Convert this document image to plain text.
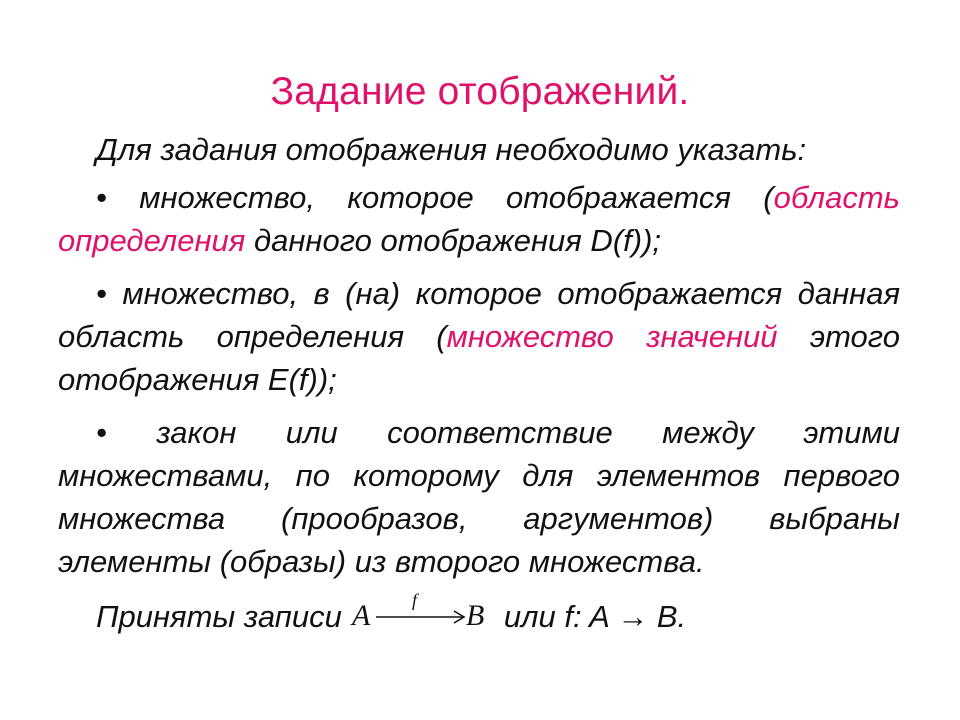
Задание отображений.

Для задания отображения необходимо указать:

• множество, которое отображается (область определения данного отображения D(f));

• множество, в (на) которое отображается данная область определения (множество значений этого отображения E(f));

• закон или соответствие между этими множествами, по которому для элементов первого множества (прообразов, аргументов) выбраны элементы (образы) из второго множества.

Приняты записи A f B или f: A → B.
